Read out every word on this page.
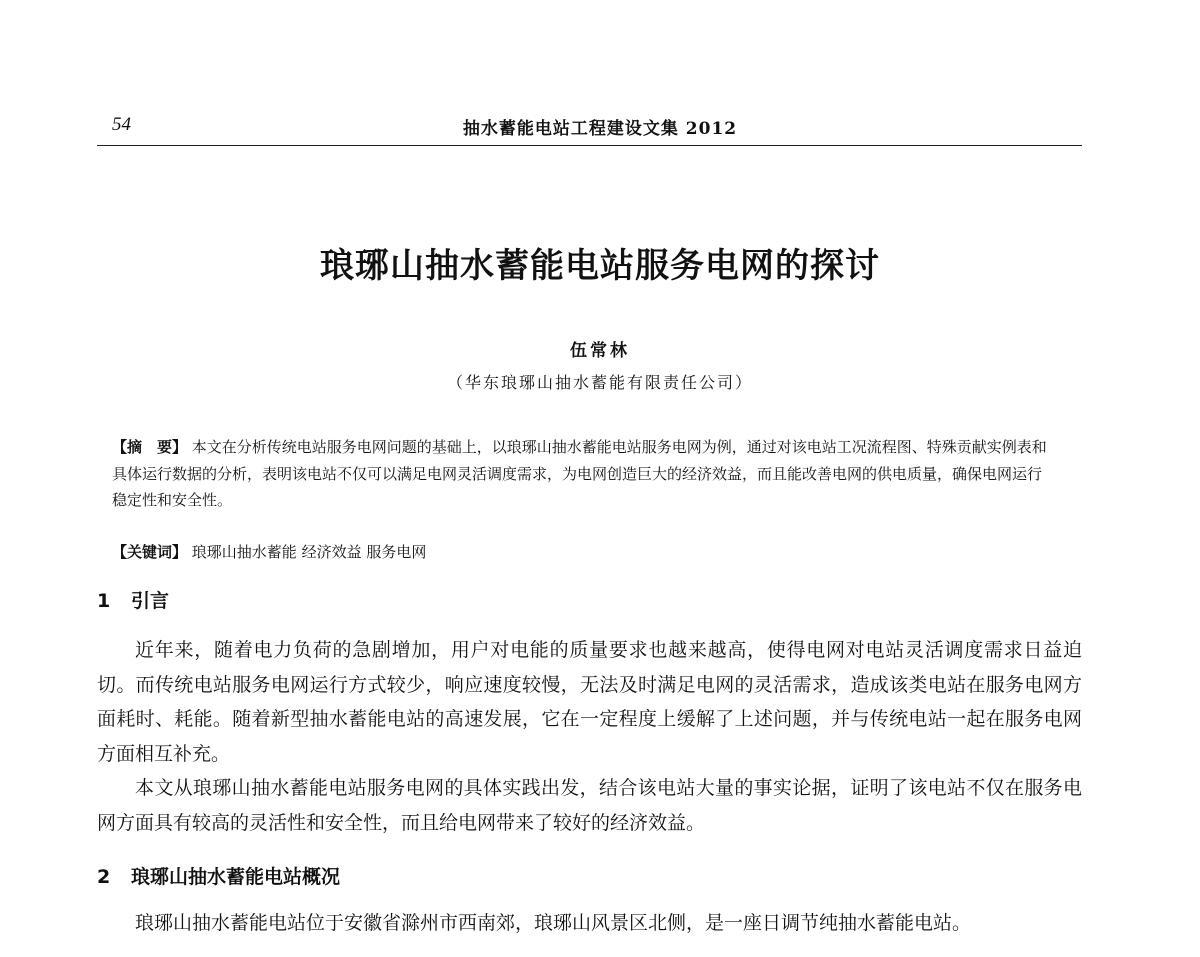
54	抽水蓄能电站工程建设文集 2012
琅琊山抽水蓄能电站服务电网的探讨
伍常林
（华东琅琊山抽水蓄能有限责任公司）
【摘　要】 本文在分析传统电站服务电网问题的基础上，以琅琊山抽水蓄能电站服务电网为例，通过对该电站工况流程图、特殊贡献实例表和具体运行数据的分析，表明该电站不仅可以满足电网灵活调度需求，为电网创造巨大的经济效益，而且能改善电网的供电质量，确保电网运行稳定性和安全性。
【关键词】 琅琊山抽水蓄能 经济效益 服务电网
1 引言

近年来，随着电力负荷的急剧增加，用户对电能的质量要求也越来越高，使得电网对电站灵活调度需求日益迫切。而传统电站服务电网运行方式较少，响应速度较慢，无法及时满足电网的灵活需求，造成该类电站在服务电网方面耗时、耗能。随着新型抽水蓄能电站的高速发展，它在一定程度上缓解了上述问题，并与传统电站一起在服务电网方面相互补充。

本文从琅琊山抽水蓄能电站服务电网的具体实践出发，结合该电站大量的事实论据，证明了该电站不仅在服务电网方面具有较高的灵活性和安全性，而且给电网带来了较好的经济效益。

2 琅琊山抽水蓄能电站概况

琅琊山抽水蓄能电站位于安徽省滁州市西南郊，琅琊山风景区北侧，是一座日调节纯抽水蓄能电站。
